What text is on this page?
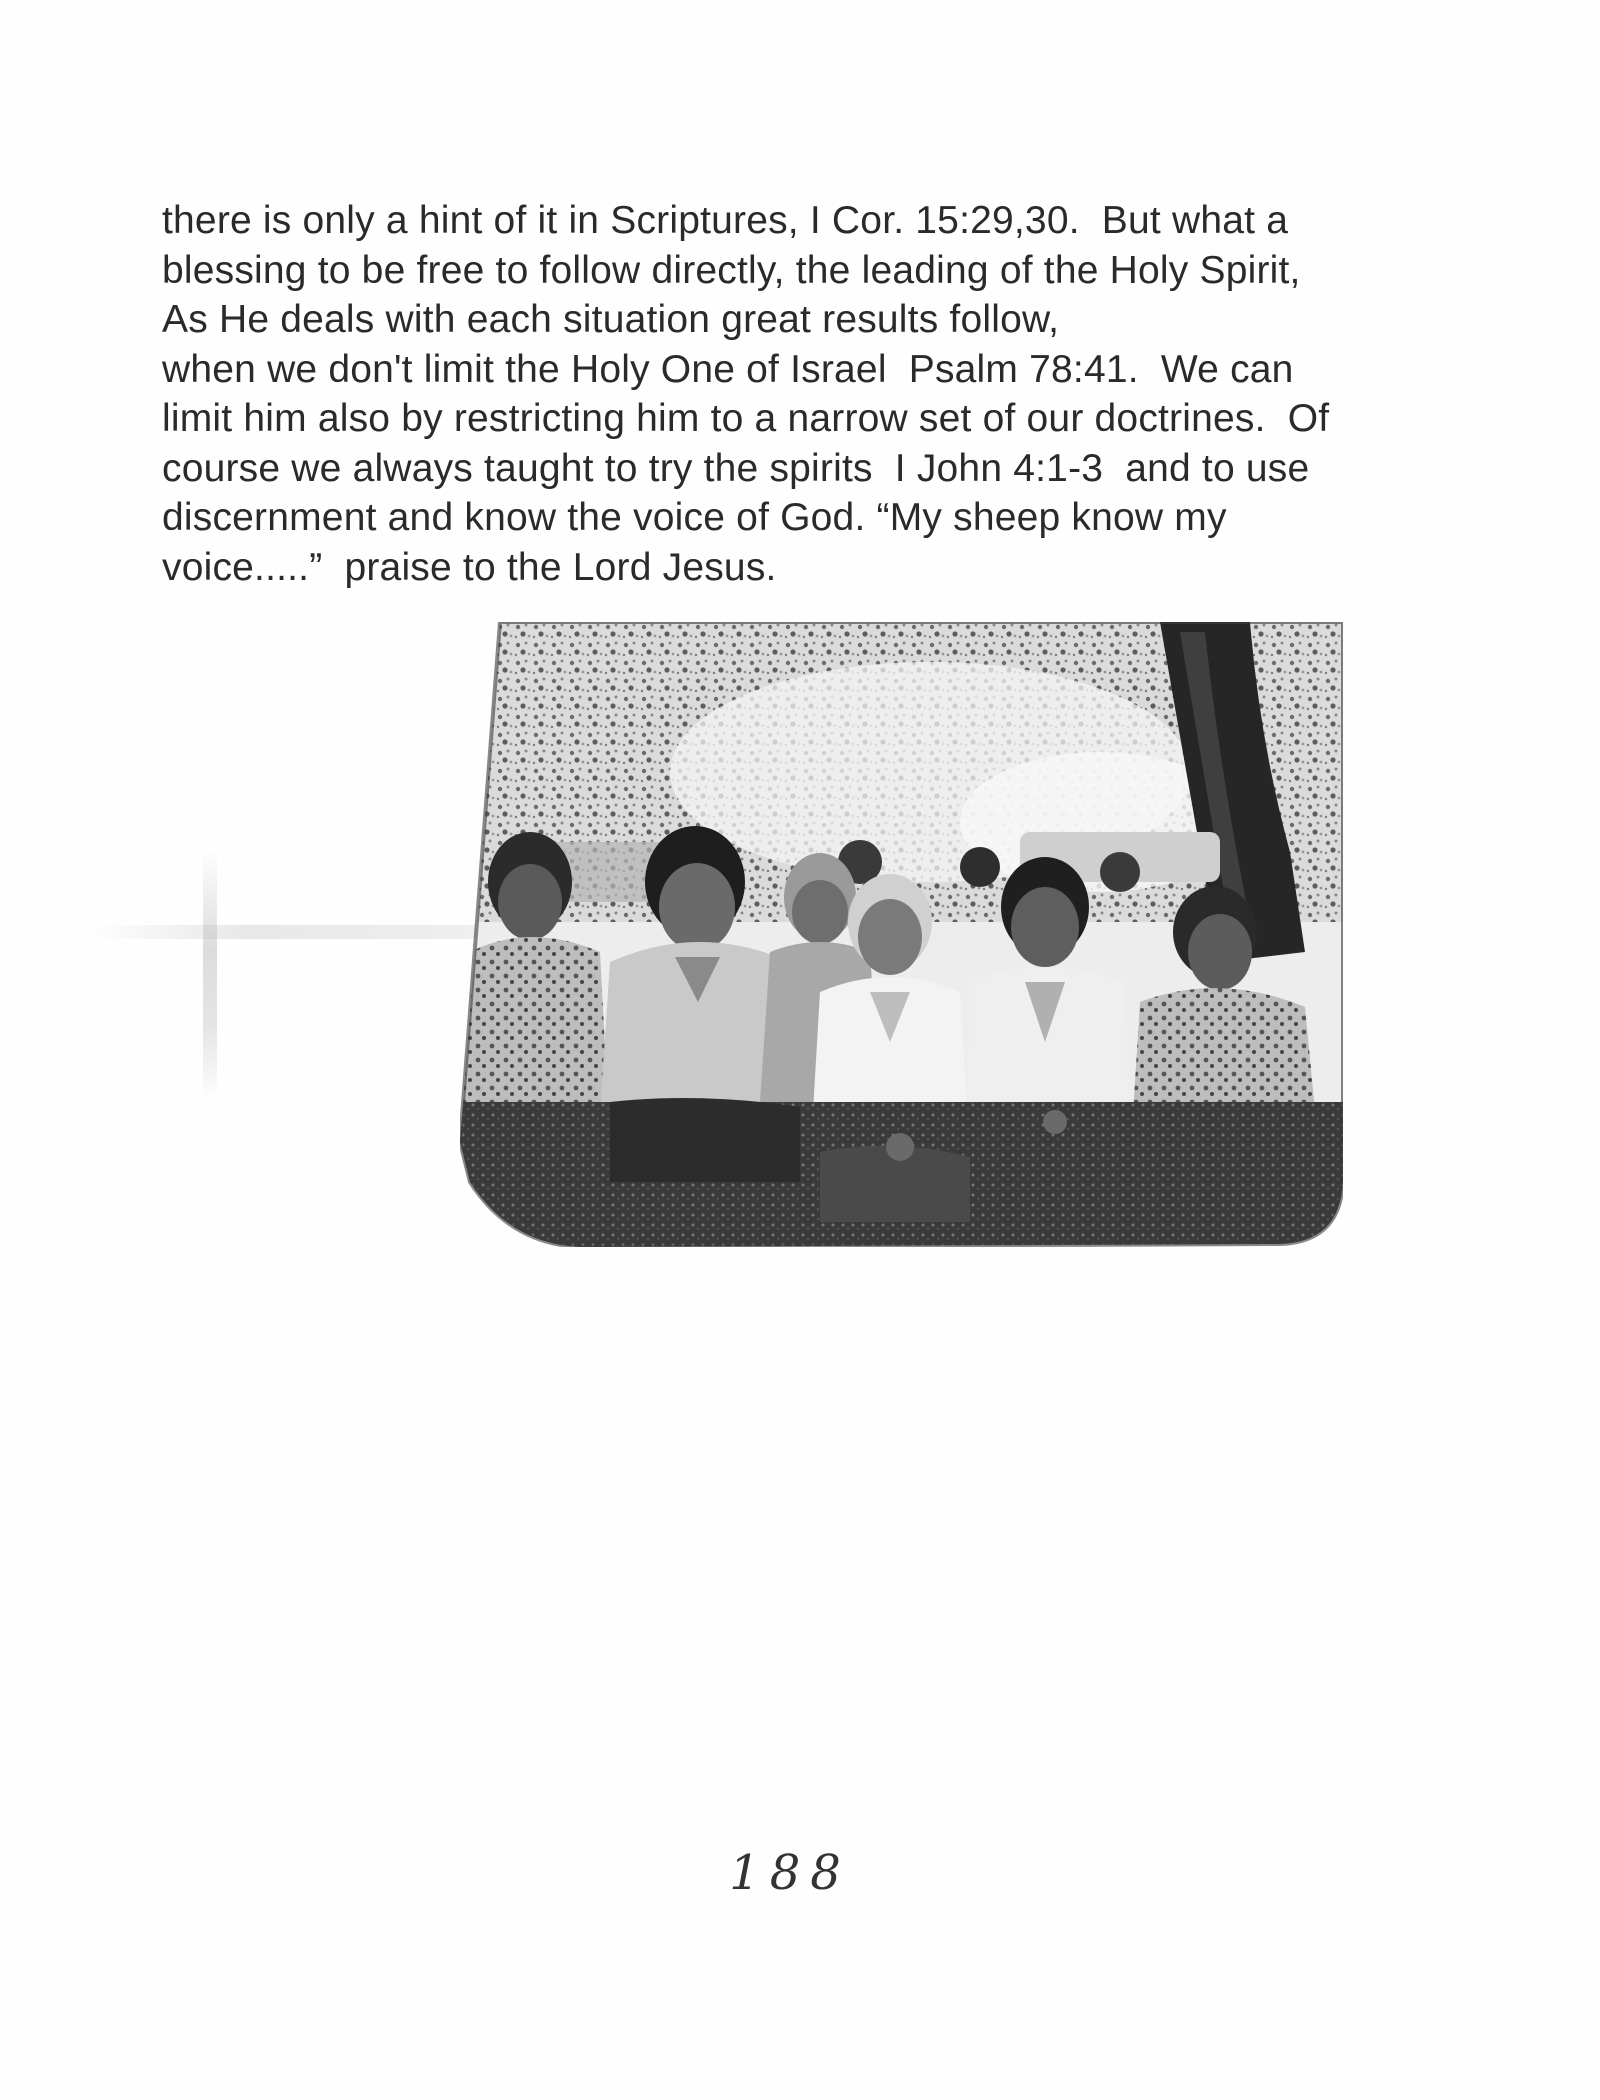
there is only a hint of it in Scriptures, I Cor. 15:29,30.  But what a
blessing to be free to follow directly, the leading of the Holy Spirit,
As He deals with each situation great results follow,
when we don't limit the Holy One of Israel  Psalm 78:41.  We can
limit him also by restricting him to a narrow set of our doctrines.  Of
course we always taught to try the spirits  I John 4:1-3  and to use
discernment and know the voice of God. “My sheep know my
voice.....”  praise to the Lord Jesus.

188
